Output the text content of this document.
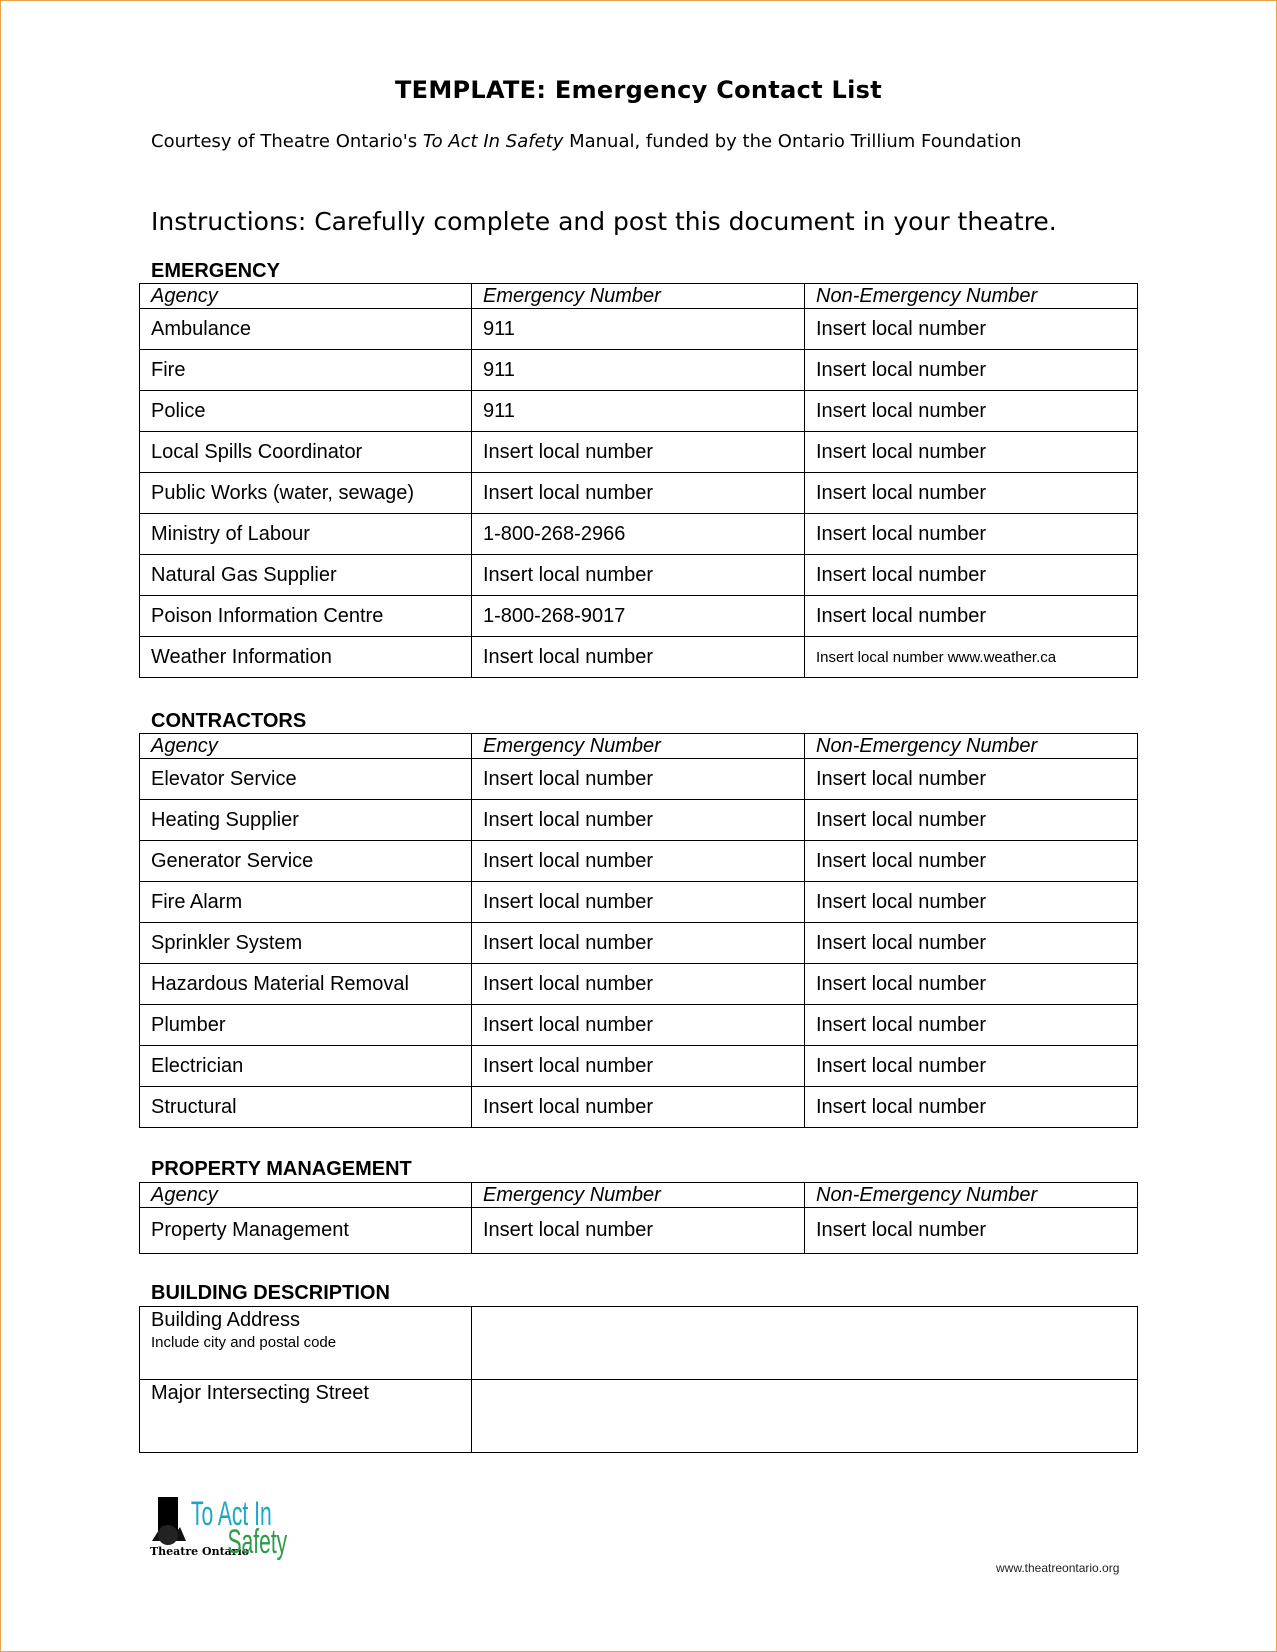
TEMPLATE: Emergency Contact List
Courtesy of Theatre Ontario's To Act In Safety Manual, funded by the Ontario Trillium Foundation
Instructions: Carefully complete and post this document in your theatre.
EMERGENCY
Agency	Emergency Number	Non-Emergency Number
Ambulance	911	Insert local number
Fire	911	Insert local number
Police	911	Insert local number
Local Spills Coordinator	Insert local number	Insert local number
Public Works (water, sewage)	Insert local number	Insert local number
Ministry of Labour	1-800-268-2966	Insert local number
Natural Gas Supplier	Insert local number	Insert local number
Poison Information Centre	1-800-268-9017	Insert local number
Weather Information	Insert local number	Insert local number www.weather.ca
CONTRACTORS
Agency	Emergency Number	Non-Emergency Number
Elevator Service	Insert local number	Insert local number
Heating Supplier	Insert local number	Insert local number
Generator Service	Insert local number	Insert local number
Fire Alarm	Insert local number	Insert local number
Sprinkler System	Insert local number	Insert local number
Hazardous Material Removal	Insert local number	Insert local number
Plumber	Insert local number	Insert local number
Electrician	Insert local number	Insert local number
Structural	Insert local number	Insert local number
PROPERTY MANAGEMENT
Agency	Emergency Number	Non-Emergency Number
Property Management	Insert local number	Insert local number
BUILDING DESCRIPTION
Building Address
Include city and postal code	

Major Intersecting Street	
Theatre Ontario
To Act In
Safety
www.theatreontario.org
